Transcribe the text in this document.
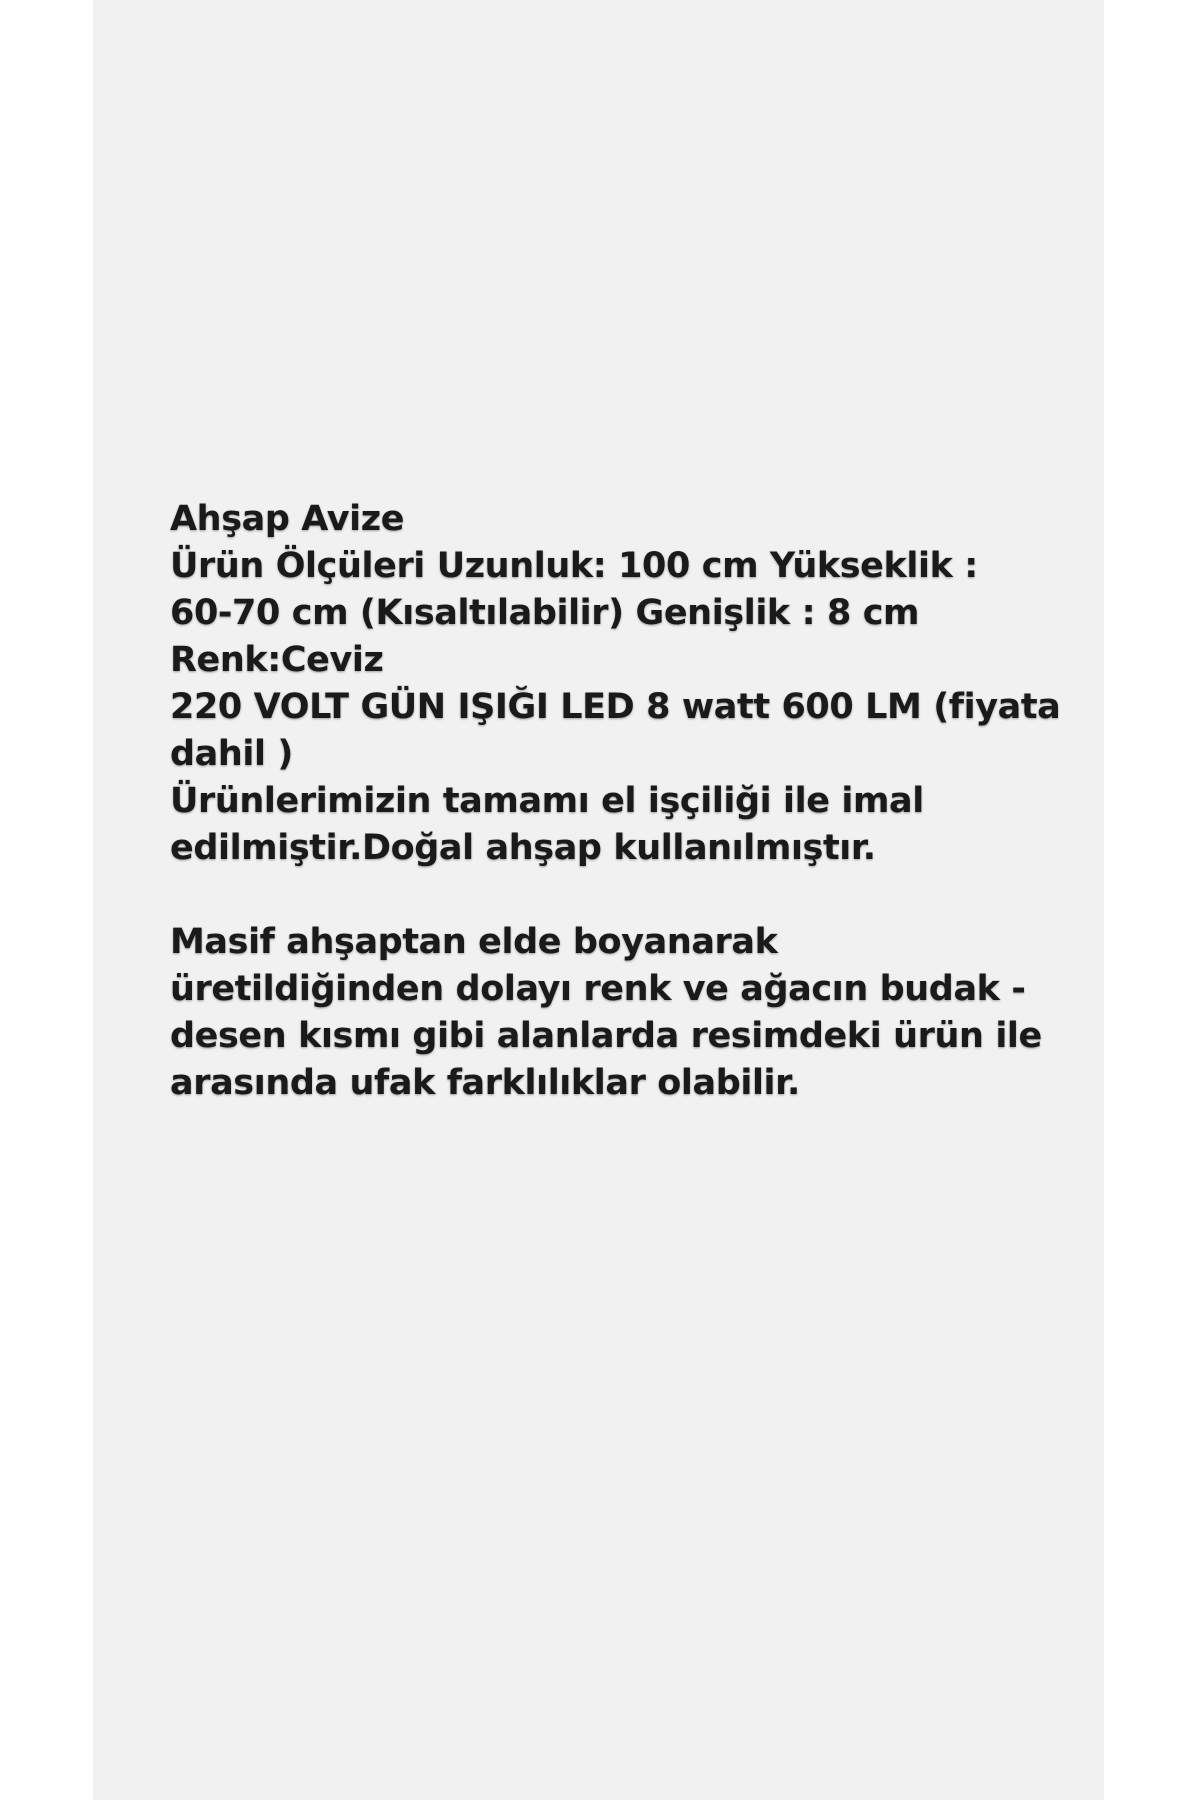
Ahşap Avize

Ürün Ölçüleri Uzunluk: 100 cm Yükseklik :

60-70 cm (Kısaltılabilir) Genişlik : 8 cm

Renk:Ceviz

220 VOLT GÜN IŞIĞI LED 8 watt 600 LM (fiyata

dahil )

Ürünlerimizin tamamı el işçiliği ile imal

edilmiştir.Doğal ahşap kullanılmıştır.

Masif ahşaptan elde boyanarak

üretildiğinden dolayı renk ve ağacın budak -

desen kısmı gibi alanlarda resimdeki ürün ile

arasında ufak farklılıklar olabilir.
